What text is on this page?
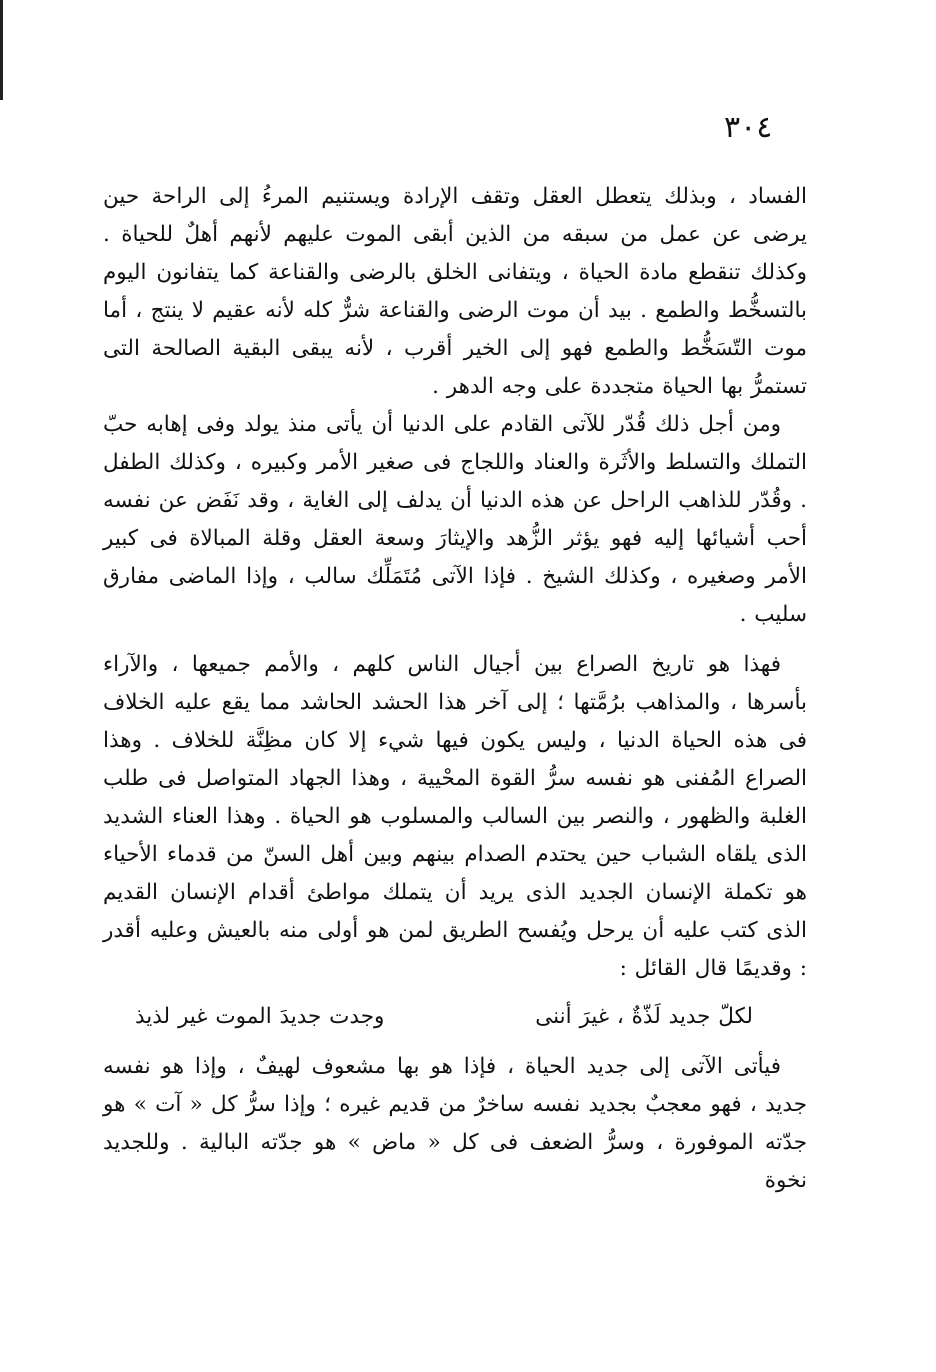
٣٠٤

الفساد ، وبذلك يتعطل العقل وتقف الإرادة ويستنيم المرءُ إلى الراحة حين يرضى عن عمل من سبقه من الذين أبقى الموت عليهم لأنهم أهلٌ للحياة . وكذلك تنقطع مادة الحياة ، ويتفانى الخلق بالرضى والقناعة كما يتفانون اليوم بالتسخُّط والطمع . بيد أن موت الرضى والقناعة شرٌّ كله لأنه عقيم لا ينتج ، أما موت التّسَخُّط والطمع فهو إلى الخير أقرب ، لأنه يبقى البقية الصالحة التى تستمرُّ بها الحياة متجددة على وجه الدهر .

ومن أجل ذلك قُدّر للآتى القادم على الدنيا أن يأتى منذ يولد وفى إهابه حبّ التملك والتسلط والأثَرة والعناد واللجاج فى صغير الأمر وكبيره ، وكذلك الطفل . وقُدّر للذاهب الراحل عن هذه الدنيا أن يدلف إلى الغاية ، وقد نَفَض عن نفسه أحب أشيائها إليه فهو يؤثر الزُّهد والإيثارَ وسعة العقل وقلة المبالاة فى كبير الأمر وصغيره ، وكذلك الشيخ . فإذا الآتى مُتَمَلِّك سالب ، وإذا الماضى مفارق سليب .

فهذا هو تاريخ الصراع بين أجيال الناس كلهم ، والأمم جميعها ، والآراء بأسرها ، والمذاهب برُمَّتها ؛ إلى آخر هذا الحشد الحاشد مما يقع عليه الخلاف فى هذه الحياة الدنيا ، وليس يكون فيها شيء إلا كان مظِنَّة للخلاف . وهذا الصراع المُفنى هو نفسه سرُّ القوة المحْيية ، وهذا الجهاد المتواصل فى طلب الغلبة والظهور ، والنصر بين السالب والمسلوب هو الحياة . وهذا العناء الشديد الذى يلقاه الشباب حين يحتدم الصدام بينهم وبين أهل السنّ من قدماء الأحياء هو تكملة الإنسان الجديد الذى يريد أن يتملك مواطئ أقدام الإنسان القديم الذى كتب عليه أن يرحل ويُفسح الطريق لمن هو أولى منه بالعيش وعليه أقدر : وقديمًا قال القائل :

لكلّ جديد لَذّةٌ ، غيرَ أننى
وجدت جديدَ الموت غير لذيذ

فيأتى الآتى إلى جديد الحياة ، فإذا هو بها مشعوف لهيفٌ ، وإذا هو نفسه جديد ، فهو معجبٌ بجديد نفسه ساخرٌ من قديم غيره ؛ وإذا سرُّ كل « آت » هو جدّته الموفورة ، وسرُّ الضعف فى كل « ماض » هو جدّته البالية . وللجديد نخوة
